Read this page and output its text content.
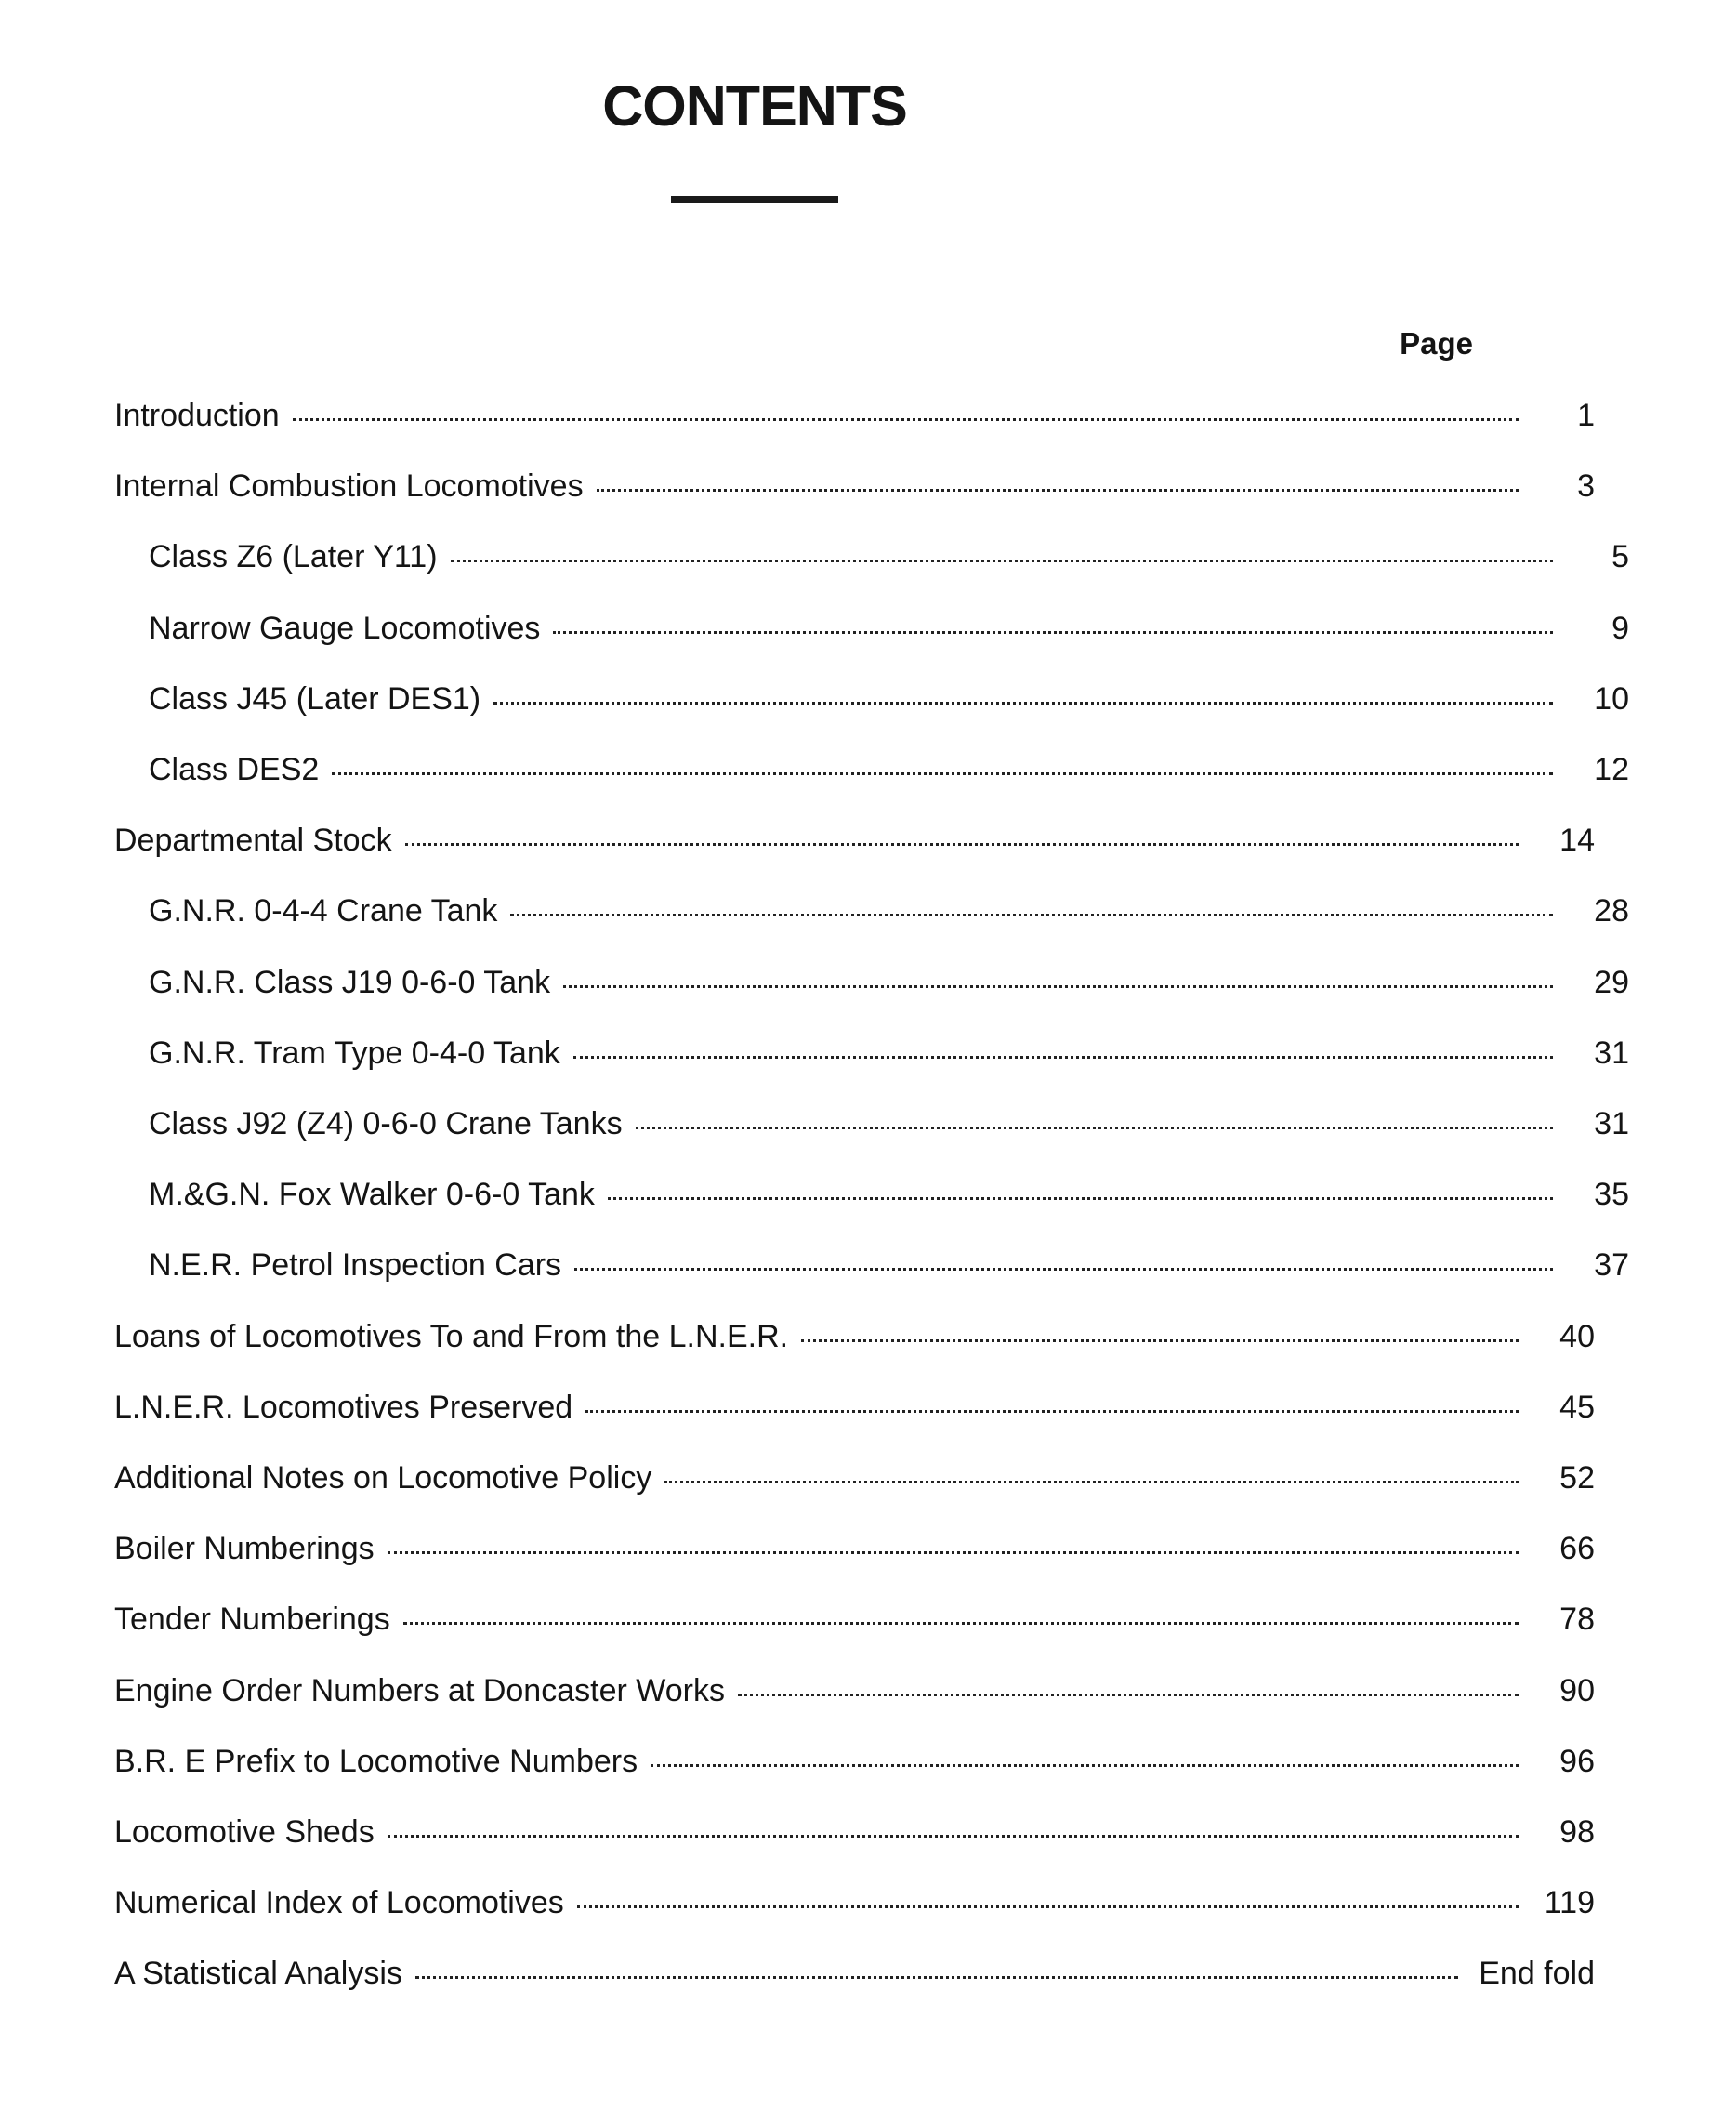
CONTENTS
Page
Introduction	1
Internal Combustion Locomotives	3
Class Z6 (Later Y11)	5
Narrow Gauge Locomotives	9
Class J45 (Later DES1)	10
Class DES2	12
Departmental Stock	14
G.N.R. 0-4-4 Crane Tank	28
G.N.R. Class J19 0-6-0 Tank	29
G.N.R. Tram Type 0-4-0 Tank	31
Class J92 (Z4) 0-6-0 Crane Tanks	31
M.&G.N. Fox Walker 0-6-0 Tank	35
N.E.R. Petrol Inspection Cars	37
Loans of Locomotives To and From the L.N.E.R.	40
L.N.E.R. Locomotives Preserved	45
Additional Notes on Locomotive Policy	52
Boiler Numberings	66
Tender Numberings	78
Engine Order Numbers at Doncaster Works	90
B.R. E Prefix to Locomotive Numbers	96
Locomotive Sheds	98
Numerical Index of Locomotives	119
A Statistical Analysis	End fold
